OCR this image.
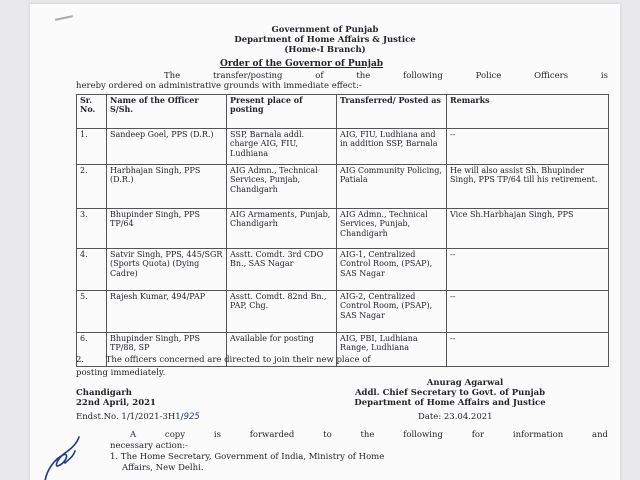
Government of Punjab
Department of Home Affairs & Justice
(Home-I Branch)
Order of the Governor of Punjab
The transfer/posting of the following Police Officers is
hereby ordered on administrative grounds with immediate effect:-
Sr. No.	Name of the Officer S/Sh.	Present place of posting	Transferred/ Posted as	Remarks
1.	Sandeep Goel, PPS (D.R.)	SSP, Barnala addl. charge AIG, FIU, Ludhiana	AIG, FIU, Ludhiana and in addition SSP, Barnala	--
2.	Harbhajan Singh, PPS (D.R.)	AIG Admn., Technical Services, Punjab, Chandigarh	AIG Community Policing, Patiala	He will also assist Sh. Bhupinder Singh, PPS TP/64 till his retirement.
3.	Bhupinder Singh, PPS TP/64	AIG Armaments, Punjab, Chandigarh	AIG Admn., Technical Services, Punjab, Chandigarh	Vice Sh.Harbhajan Singh, PPS
4.	Satvir Singh, PPS, 445/SGR (Sports Quota) (Dying Cadre)	Asstt. Comdt. 3rd CDO Bn., SAS Nagar	AIG-1, Centralized Control Room, (PSAP), SAS Nagar	--
5.	Rajesh Kumar, 494/PAP	Asstt. Comdt. 82nd Bn., PAP, Chg.	AIG-2, Centralized Control Room, (PSAP), SAS Nagar	--
6.	Bhupinder Singh, PPS TP/88, SP	Available for posting	AIG, PBI, Ludhiana Range, Ludhiana	--
2.        The officers concerned are directed to join their new place of
posting immediately.
Anurag Agarwal
Addl. Chief Secretary to Govt. of Punjab
Department of Home Affairs and Justice
Chandigarh
22nd April, 2021
Endst.No. 1/1/2021-3H1/925	Date: 23.04.2021
A copy is forwarded to the following for information and
necessary action:-
1. The Home Secretary, Government of India, Ministry of Home
Affairs, New Delhi.
